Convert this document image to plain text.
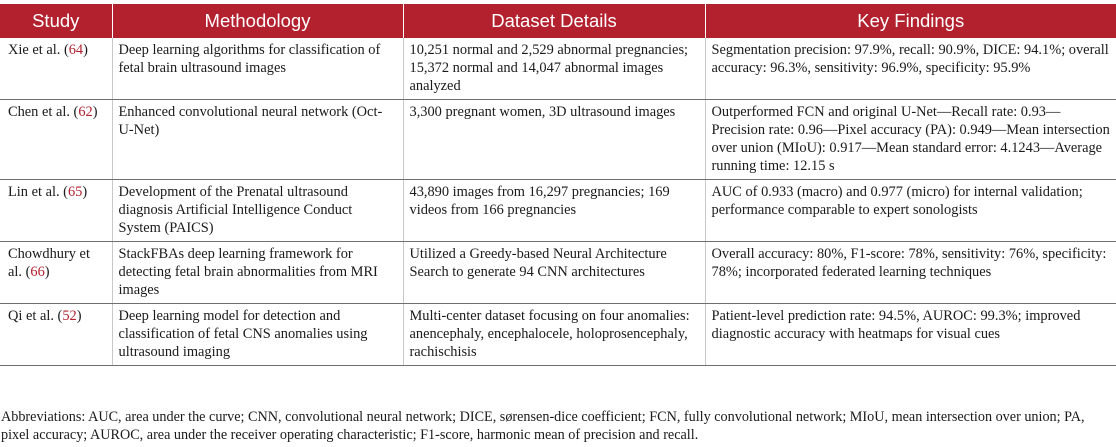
Study	Methodology	Dataset Details	Key Findings
Xie et al. (64)	Deep learning algorithms for classification of fetal brain ultrasound images	10,251 normal and 2,529 abnormal pregnancies; 15,372 normal and 14,047 abnormal images analyzed	Segmentation precision: 97.9%, recall: 90.9%, DICE: 94.1%; overall accuracy: 96.3%, sensitivity: 96.9%, specificity: 95.9%
Chen et al. (62)	Enhanced convolutional neural network (Oct-U-Net)	3,300 pregnant women, 3D ultrasound images	Outperformed FCN and original U-Net—Recall rate: 0.93—Precision rate: 0.96—Pixel accuracy (PA): 0.949—Mean intersection over union (MIoU): 0.917—Mean standard error: 4.1243—Average running time: 12.15 s
Lin et al. (65)	Development of the Prenatal ultrasound diagnosis Artificial Intelligence Conduct System (PAICS)	43,890 images from 16,297 pregnancies; 169 videos from 166 pregnancies	AUC of 0.933 (macro) and 0.977 (micro) for internal validation; performance comparable to expert sonologists
Chowdhury et al. (66)	StackFBAs deep learning framework for detecting fetal brain abnormalities from MRI images	Utilized a Greedy-based Neural Architecture Search to generate 94 CNN architectures	Overall accuracy: 80%, F1-score: 78%, sensitivity: 76%, specificity: 78%; incorporated federated learning techniques
Qi et al. (52)	Deep learning model for detection and classification of fetal CNS anomalies using ultrasound imaging	Multi-center dataset focusing on four anomalies: anencephaly, encephalocele, holoprosencephaly, rachischisis	Patient-level prediction rate: 94.5%, AUROC: 99.3%; improved diagnostic accuracy with heatmaps for visual cues
Abbreviations: AUC, area under the curve; CNN, convolutional neural network; DICE, sørensen-dice coefficient; FCN, fully convolutional network; MIoU, mean intersection over union; PA, pixel accuracy; AUROC, area under the receiver operating characteristic; F1-score, harmonic mean of precision and recall.
